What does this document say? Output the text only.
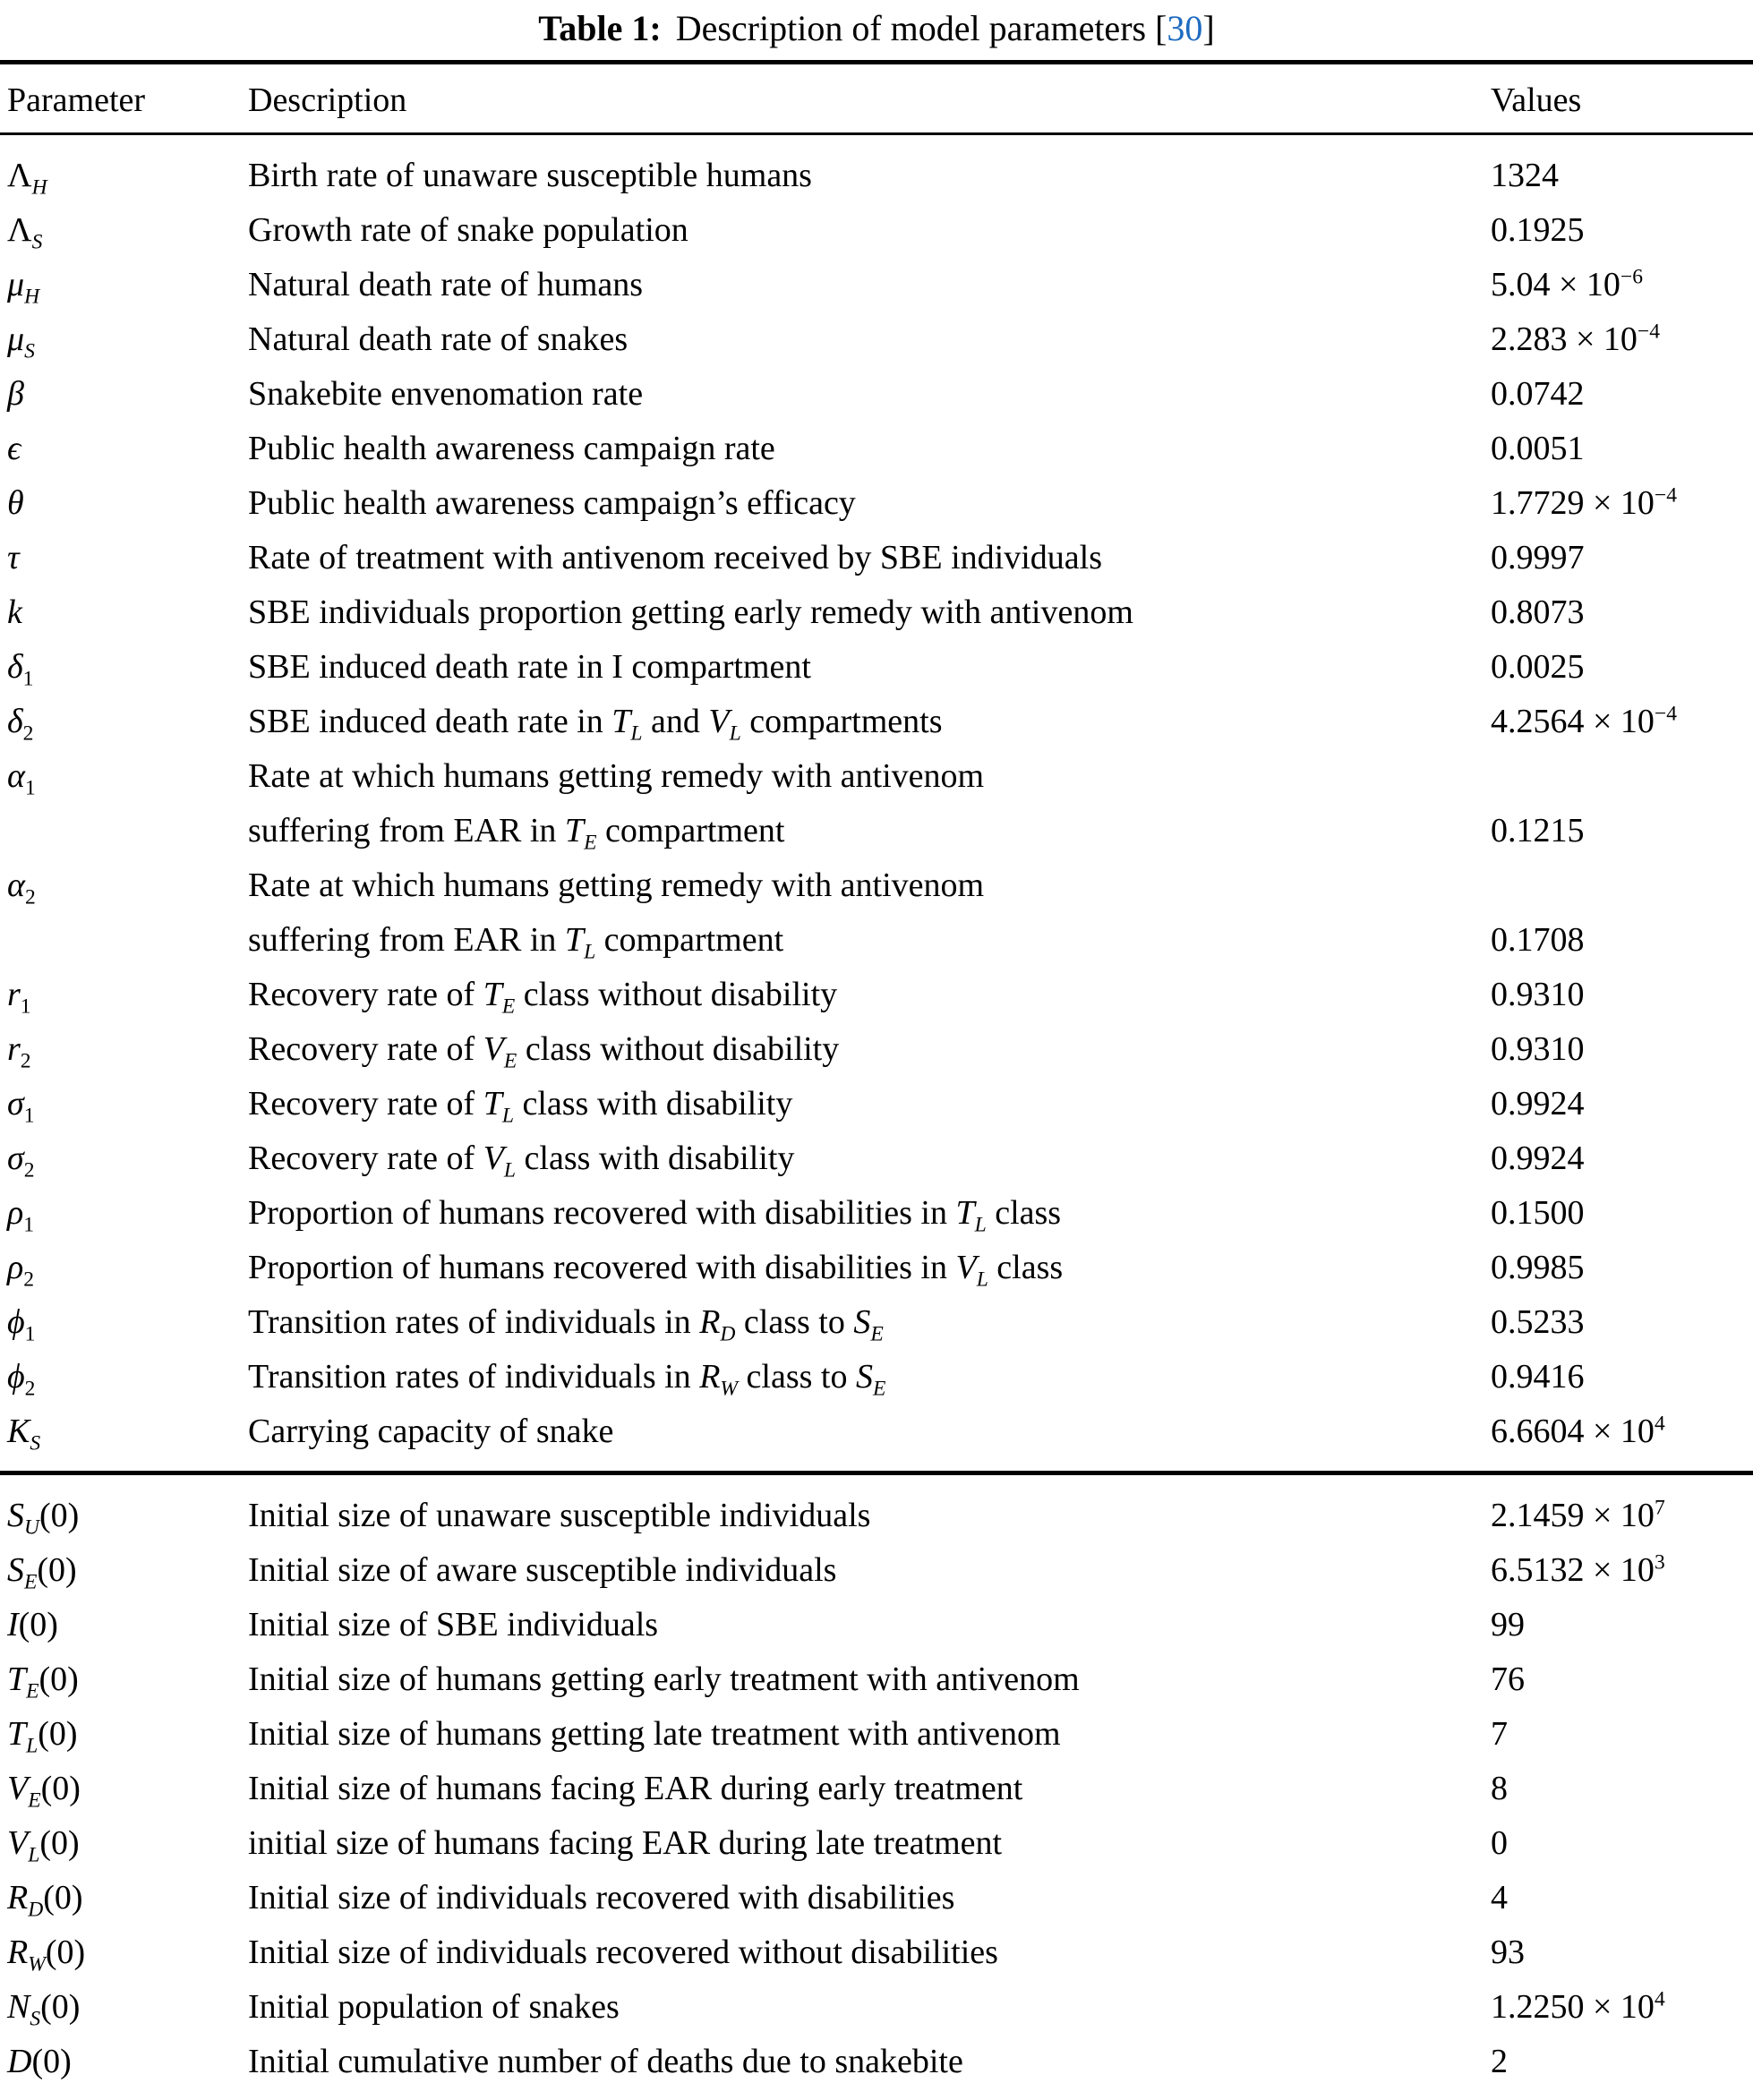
Table 1: Description of model parameters [30]
Parameter	Description	Values
$\Lambda_H$	Birth rate of unaware susceptible humans	1324
$\Lambda_S$	Growth rate of snake population	0.1925
$\mu_H$	Natural death rate of humans	$5.04 \times 10^{-6}$
$\mu_S$	Natural death rate of snakes	$2.283 \times 10^{-4}$
β	Snakebite envenomation rate	0.0742
ϵ	Public health awareness campaign rate	0.0051
θ	Public health awareness campaign’s efficacy	$1.7729 \times 10^{-4}$
τ	Rate of treatment with antivenom received by SBE individuals	0.9997
k	SBE individuals proportion getting early remedy with antivenom	0.8073
$\delta_1$	SBE induced death rate in I compartment	0.0025
$\delta_2$	SBE induced death rate in $T_L$ and $V_L$ compartments	$4.2564 \times 10^{-4}$
$\alpha_1$	Rate at which humans getting remedy with antivenom
suffering from EAR in $T_E$ compartment	0.1215
$\alpha_2$	Rate at which humans getting remedy with antivenom
suffering from EAR in $T_L$ compartment	0.1708
$r_1$	Recovery rate of $T_E$ class without disability	0.9310
$r_2$	Recovery rate of $V_E$ class without disability	0.9310
$\sigma_1$	Recovery rate of $T_L$ class with disability	0.9924
$\sigma_2$	Recovery rate of $V_L$ class with disability	0.9924
$\rho_1$	Proportion of humans recovered with disabilities in $T_L$ class	0.1500
$\rho_2$	Proportion of humans recovered with disabilities in $V_L$ class	0.9985
$\phi_1$	Transition rates of individuals in $R_D$ class to $S_E$	0.5233
$\phi_2$	Transition rates of individuals in $R_W$ class to $S_E$	0.9416
$K_S$	Carrying capacity of snake	$6.6604 \times 10^4$
$S_U(0)$	Initial size of unaware susceptible individuals	$2.1459 \times 10^7$
$S_E(0)$	Initial size of aware susceptible individuals	$6.5132 \times 10^3$
I(0)	Initial size of SBE individuals	99
$T_E(0)$	Initial size of humans getting early treatment with antivenom	76
$T_L(0)$	Initial size of humans getting late treatment with antivenom	7
$V_E(0)$	Initial size of humans facing EAR during early treatment	8
$V_L(0)$	initial size of humans facing EAR during late treatment	0
$R_D(0)$	Initial size of individuals recovered with disabilities	4
$R_W(0)$	Initial size of individuals recovered without disabilities	93
$N_S(0)$	Initial population of snakes	$1.2250 \times 10^4$
D(0)	Initial cumulative number of deaths due to snakebite	2
